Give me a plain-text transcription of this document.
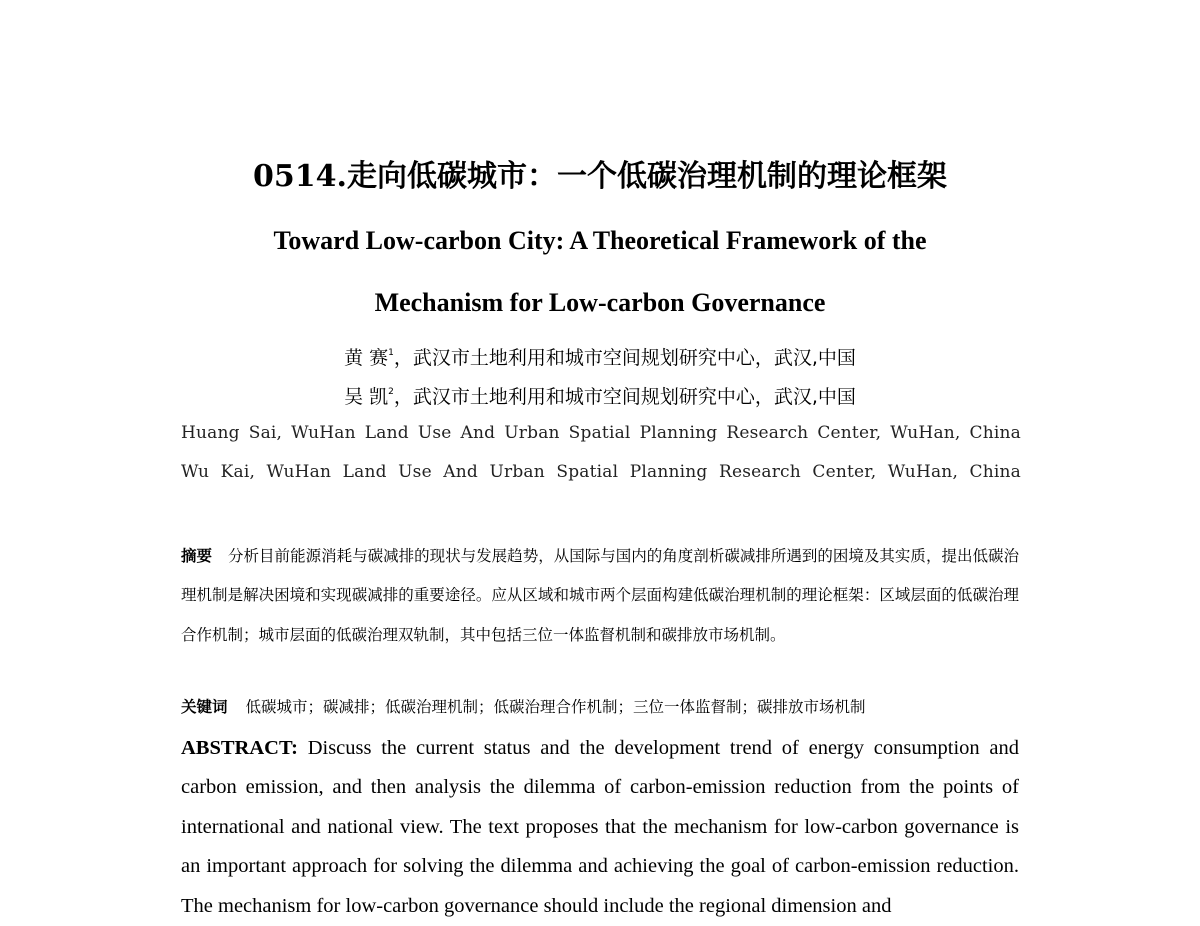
0514.走向低碳城市：一个低碳治理机制的理论框架
Toward Low-carbon City: A Theoretical Framework of the
Mechanism for Low-carbon Governance
黄 赛$^1$，武汉市土地利用和城市空间规划研究中心，武汉,中国
吴 凯$^2$，武汉市土地利用和城市空间规划研究中心，武汉,中国
Huang Sai, WuHan Land Use And Urban Spatial Planning Research Center, WuHan, China
Wu Kai, WuHan Land Use And Urban Spatial Planning Research Center, WuHan, China
摘要 分析目前能源消耗与碳减排的现状与发展趋势，从国际与国内的角度剖析碳减排所遇到的困境及其实质，提出低碳治理机制是解决困境和实现碳减排的重要途径。应从区域和城市两个层面构建低碳治理机制的理论框架：区域层面的低碳治理合作机制；城市层面的低碳治理双轨制，其中包括三位一体监督机制和碳排放市场机制。
关键词 低碳城市；碳减排；低碳治理机制；低碳治理合作机制；三位一体监督制；碳排放市场机制
ABSTRACT: Discuss the current status and the development trend of energy consumption and carbon emission, and then analysis the dilemma of carbon-emission reduction from the points of international and national view. The text proposes that the mechanism for low-carbon governance is an important approach for solving the dilemma and achieving the goal of carbon-emission reduction. The mechanism for low-carbon governance should include the regional dimension and
